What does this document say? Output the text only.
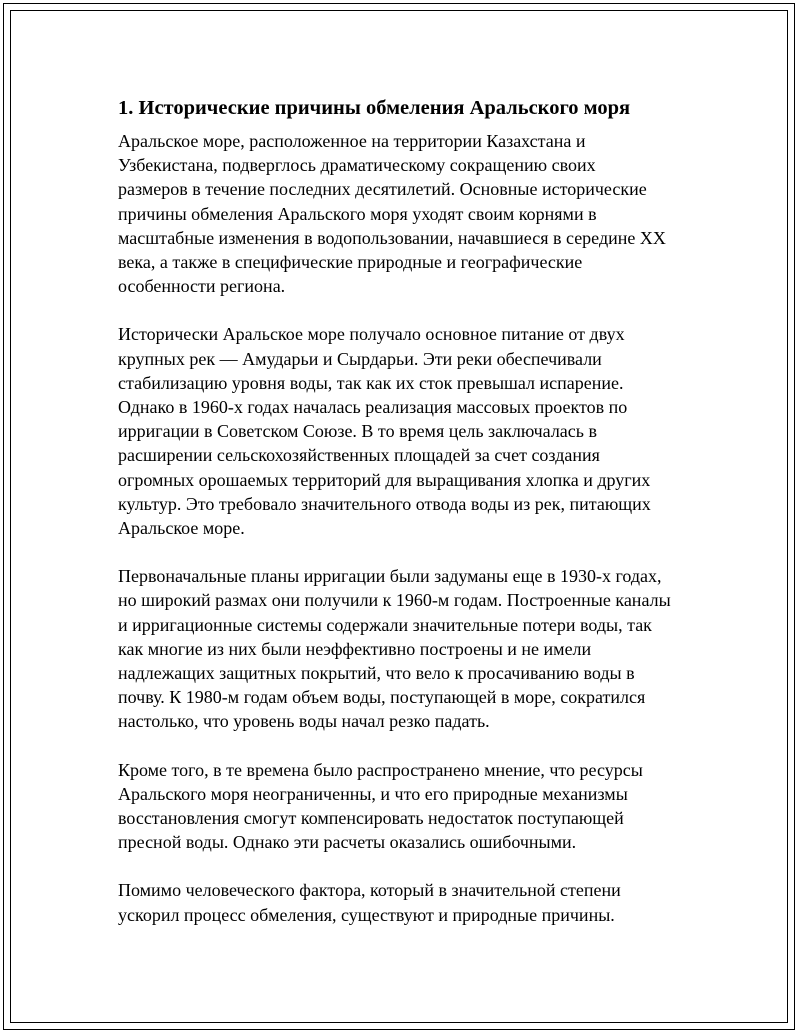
1. Исторические причины обмеления Аральского моря
Аральское море, расположенное на территории Казахстана и
Узбекистана, подверглось драматическому сокращению своих
размеров в течение последних десятилетий. Основные исторические
причины обмеления Аральского моря уходят своим корнями в
масштабные изменения в водопользовании, начавшиеся в середине XX
века, а также в специфические природные и географические
особенности региона.
Исторически Аральское море получало основное питание от двух
крупных рек — Амударьи и Сырдарьи. Эти реки обеспечивали
стабилизацию уровня воды, так как их сток превышал испарение.
Однако в 1960-х годах началась реализация массовых проектов по
ирригации в Советском Союзе. В то время цель заключалась в
расширении сельскохозяйственных площадей за счет создания
огромных орошаемых территорий для выращивания хлопка и других
культур. Это требовало значительного отвода воды из рек, питающих
Аральское море.
Первоначальные планы ирригации были задуманы еще в 1930-х годах,
но широкий размах они получили к 1960-м годам. Построенные каналы
и ирригационные системы содержали значительные потери воды, так
как многие из них были неэффективно построены и не имели
надлежащих защитных покрытий, что вело к просачиванию воды в
почву. К 1980-м годам объем воды, поступающей в море, сократился
настолько, что уровень воды начал резко падать.
Кроме того, в те времена было распространено мнение, что ресурсы
Аральского моря неограниченны, и что его природные механизмы
восстановления смогут компенсировать недостаток поступающей
пресной воды. Однако эти расчеты оказались ошибочными.
Помимо человеческого фактора, который в значительной степени
ускорил процесс обмеления, существуют и природные причины.
